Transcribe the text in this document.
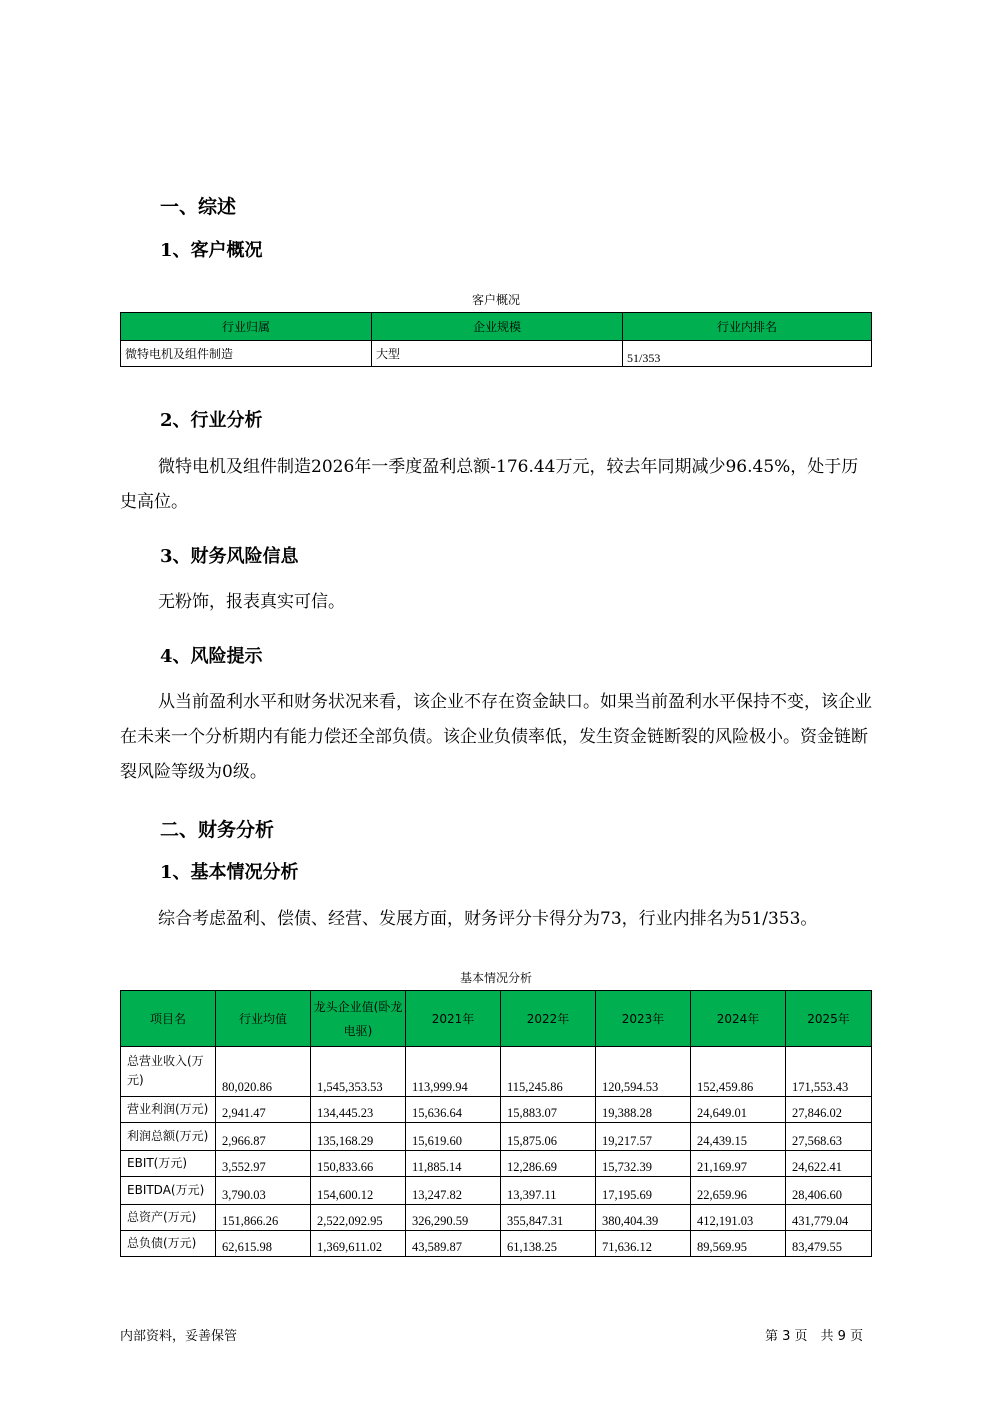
一、综述
1、客户概况
客户概况
行业归属	企业规模	行业内排名
微特电机及组件制造	大型	51/353
2、行业分析
微特电机及组件制造2026年一季度盈利总额-176.44万元，较去年同期减少96.45%，处于历史高位。
3、财务风险信息
无粉饰，报表真实可信。
4、风险提示
从当前盈利水平和财务状况来看，该企业不存在资金缺口。如果当前盈利水平保持不变，该企业在未来一个分析期内有能力偿还全部负债。该企业负债率低，发生资金链断裂的风险极小。资金链断裂风险等级为0级。
二、财务分析
1、基本情况分析
综合考虑盈利、偿债、经营、发展方面，财务评分卡得分为73，行业内排名为51/353。
基本情况分析
项目名	行业均值	龙头企业值(卧龙电驱)	2021年	2022年	2023年	2024年	2025年
总营业收入(万元)	80,020.86	1,545,353.53	113,999.94	115,245.86	120,594.53	152,459.86	171,553.43
营业利润(万元)	2,941.47	134,445.23	15,636.64	15,883.07	19,388.28	24,649.01	27,846.02
利润总额(万元)	2,966.87	135,168.29	15,619.60	15,875.06	19,217.57	24,439.15	27,568.63
EBIT(万元)	3,552.97	150,833.66	11,885.14	12,286.69	15,732.39	21,169.97	24,622.41
EBITDA(万元)	3,790.03	154,600.12	13,247.82	13,397.11	17,195.69	22,659.96	28,406.60
总资产(万元)	151,866.26	2,522,092.95	326,290.59	355,847.31	380,404.39	412,191.03	431,779.04
总负债(万元)	62,615.98	1,369,611.02	43,589.87	61,138.25	71,636.12	89,569.95	83,479.55
内部资料，妥善保管	第 3 页　共 9 页
